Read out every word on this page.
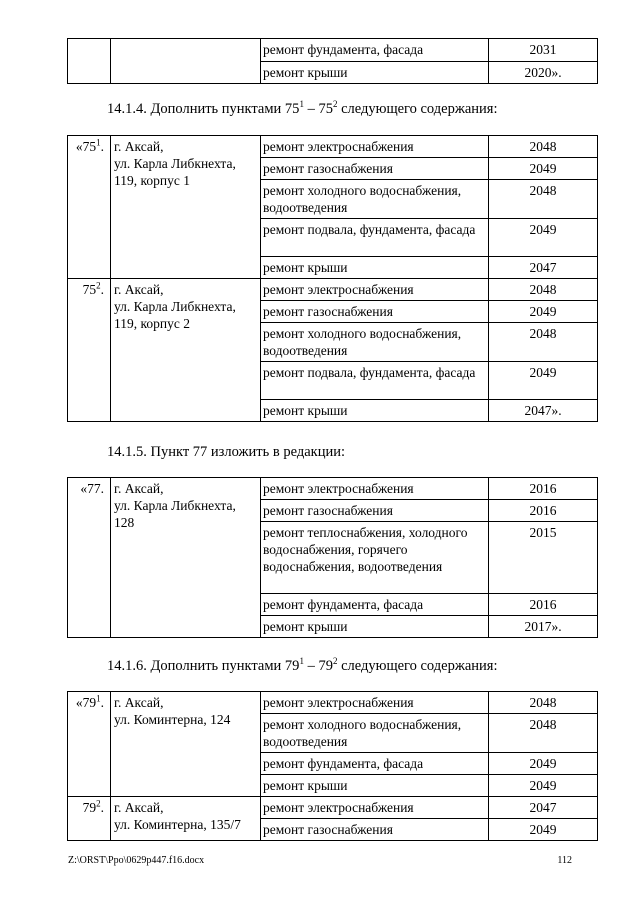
		ремонт фундамента, фасада	2031
		ремонт крыши	2020».
14.1.4. Дополнить пунктами $75^1 - 75^2$ следующего содержания:
«$75^1$.	г. Аксай,
ул. Карла Либкнехта,
119, корпус 1	ремонт электроснабжения	2048
		ремонт газоснабжения	2049
		ремонт холодного водоснабжения, водоотведения	2048
		ремонт подвала, фундамента, фасада	2049
		ремонт крыши	2047
$75^2$.	г. Аксай,
ул. Карла Либкнехта,
119, корпус 2	ремонт электроснабжения	2048
		ремонт газоснабжения	2049
		ремонт холодного водоснабжения, водоотведения	2048
		ремонт подвала, фундамента, фасада	2049
		ремонт крыши	2047».
14.1.5. Пункт 77 изложить в редакции:
«77.	г. Аксай,
ул. Карла Либкнехта,
128	ремонт электроснабжения	2016
		ремонт газоснабжения	2016
		ремонт теплоснабжения, холодного водоснабжения, горячего водоснабжения, водоотведения	2015
		ремонт фундамента, фасада	2016
		ремонт крыши	2017».
14.1.6. Дополнить пунктами $79^1 - 79^2$ следующего содержания:
«$79^1$.	г. Аксай,
ул. Коминтерна, 124	ремонт электроснабжения	2048
		ремонт холодного водоснабжения, водоотведения	2048
		ремонт фундамента, фасада	2049
		ремонт крыши	2049
$79^2$.	г. Аксай,
ул. Коминтерна, 135/7	ремонт электроснабжения	2047
		ремонт газоснабжения	2049
Z:\ORST\Ppo\0629p447.f16.docx	112
